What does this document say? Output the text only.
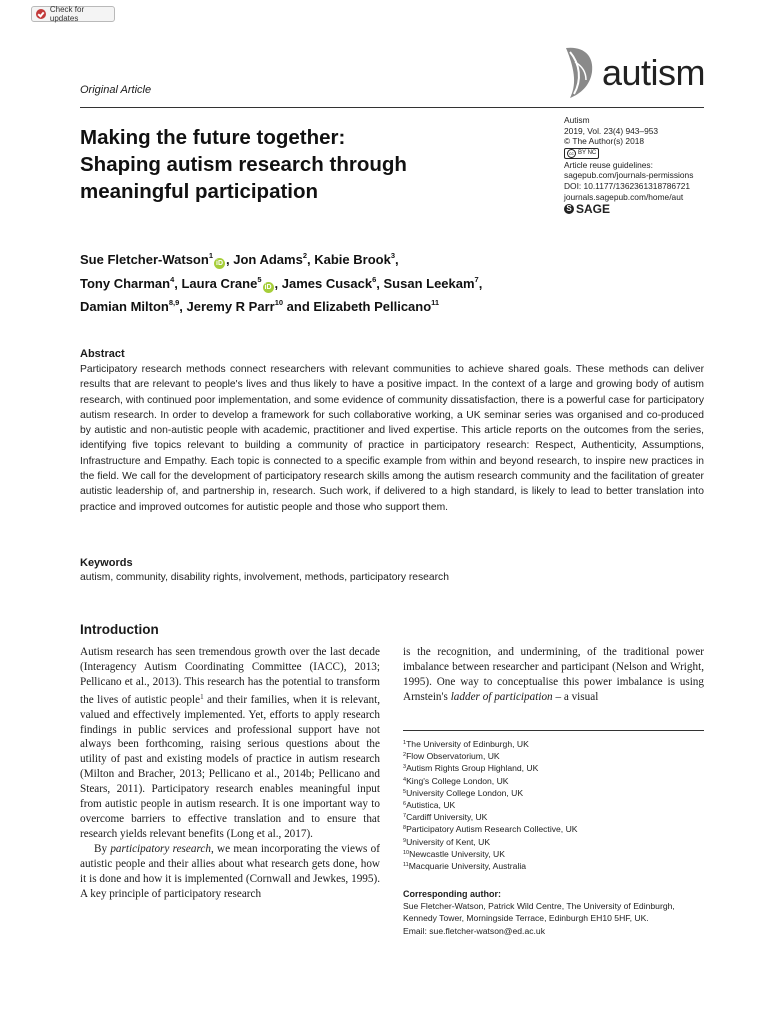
Check for updates
Original Article	autism
Autism
2019, Vol. 23(4) 943–953
© The Author(s) 2018
cc BY NC
Article reuse guidelines:
sagepub.com/journals-permissions
DOI: 10.1177/1362361318786721
journals.sagepub.com/home/aut
S SAGE
Making the future together:
Shaping autism research through
meaningful participation
Sue Fletcher-Watson$^1$iD , Jon Adams$^2$, Kabie Brook$^3$,
Tony Charman$^4$, Laura Crane$^5$iD , James Cusack$^6$, Susan Leekam$^7$,
Damian Milton$^{8,9}$, Jeremy R Parr$^{10}$ and Elizabeth Pellicano$^{11}$
Abstract
Participatory research methods connect researchers with relevant communities to achieve shared goals. These methods can deliver results that are relevant to people's lives and thus likely to have a positive impact. In the context of a large and growing body of autism research, with continued poor implementation, and some evidence of community dissatisfaction, there is a powerful case for participatory autism research. In order to develop a framework for such collaborative working, a UK seminar series was organised and co-produced by autistic and non-autistic people with academic, practitioner and lived expertise. This article reports on the outcomes from the series, identifying five topics relevant to building a community of practice in participatory research: Respect, Authenticity, Assumptions, Infrastructure and Empathy. Each topic is connected to a specific example from within and beyond research, to inspire new practices in the field. We call for the development of participatory research skills among the autism research community and the facilitation of greater autistic leadership of, and partnership in, research. Such work, if delivered to a high standard, is likely to lead to better translation into practice and improved outcomes for autistic people and those who support them.
Keywords
autism, community, disability rights, involvement, methods, participatory research
Introduction

Autism research has seen tremendous growth over the last decade (Interagency Autism Coordinating Committee (IACC), 2013; Pellicano et al., 2013). This research has the potential to transform the lives of autistic people$^1$ and their families, when it is relevant, valued and effectively implemented. Yet, efforts to apply research findings in public services and professional support have not always been forthcoming, raising serious questions about the utility of past and existing models of practice in autism research (Milton and Bracher, 2013; Pellicano et al., 2014b; Pellicano and Stears, 2011). Participatory research enables meaningful input from autistic people in autism research. It is one important way to overcome barriers to effective translation and to ensure that research yields relevant benefits (Long et al., 2017).

By participatory research, we mean incorporating the views of autistic people and their allies about what research gets done, how it is done and how it is implemented (Cornwall and Jewkes, 1995). A key principle of participatory research

is the recognition, and undermining, of the traditional power imbalance between researcher and participant (Nelson and Wright, 1995). One way to conceptualise this power imbalance is using Arnstein's ladder of participation – a visual

$^1$The University of Edinburgh, UK
$^2$Flow Observatorium, UK
$^3$Autism Rights Group Highland, UK
$^4$King's College London, UK
$^5$University College London, UK
$^6$Autistica, UK
$^7$Cardiff University, UK
$^8$Participatory Autism Research Collective, UK
$^9$University of Kent, UK
$^{10}$Newcastle University, UK
$^{11}$Macquarie University, Australia
Corresponding author:
Sue Fletcher-Watson, Patrick Wild Centre, The University of Edinburgh,
Kennedy Tower, Morningside Terrace, Edinburgh EH10 5HF, UK.
Email: sue.fletcher-watson@ed.ac.uk
